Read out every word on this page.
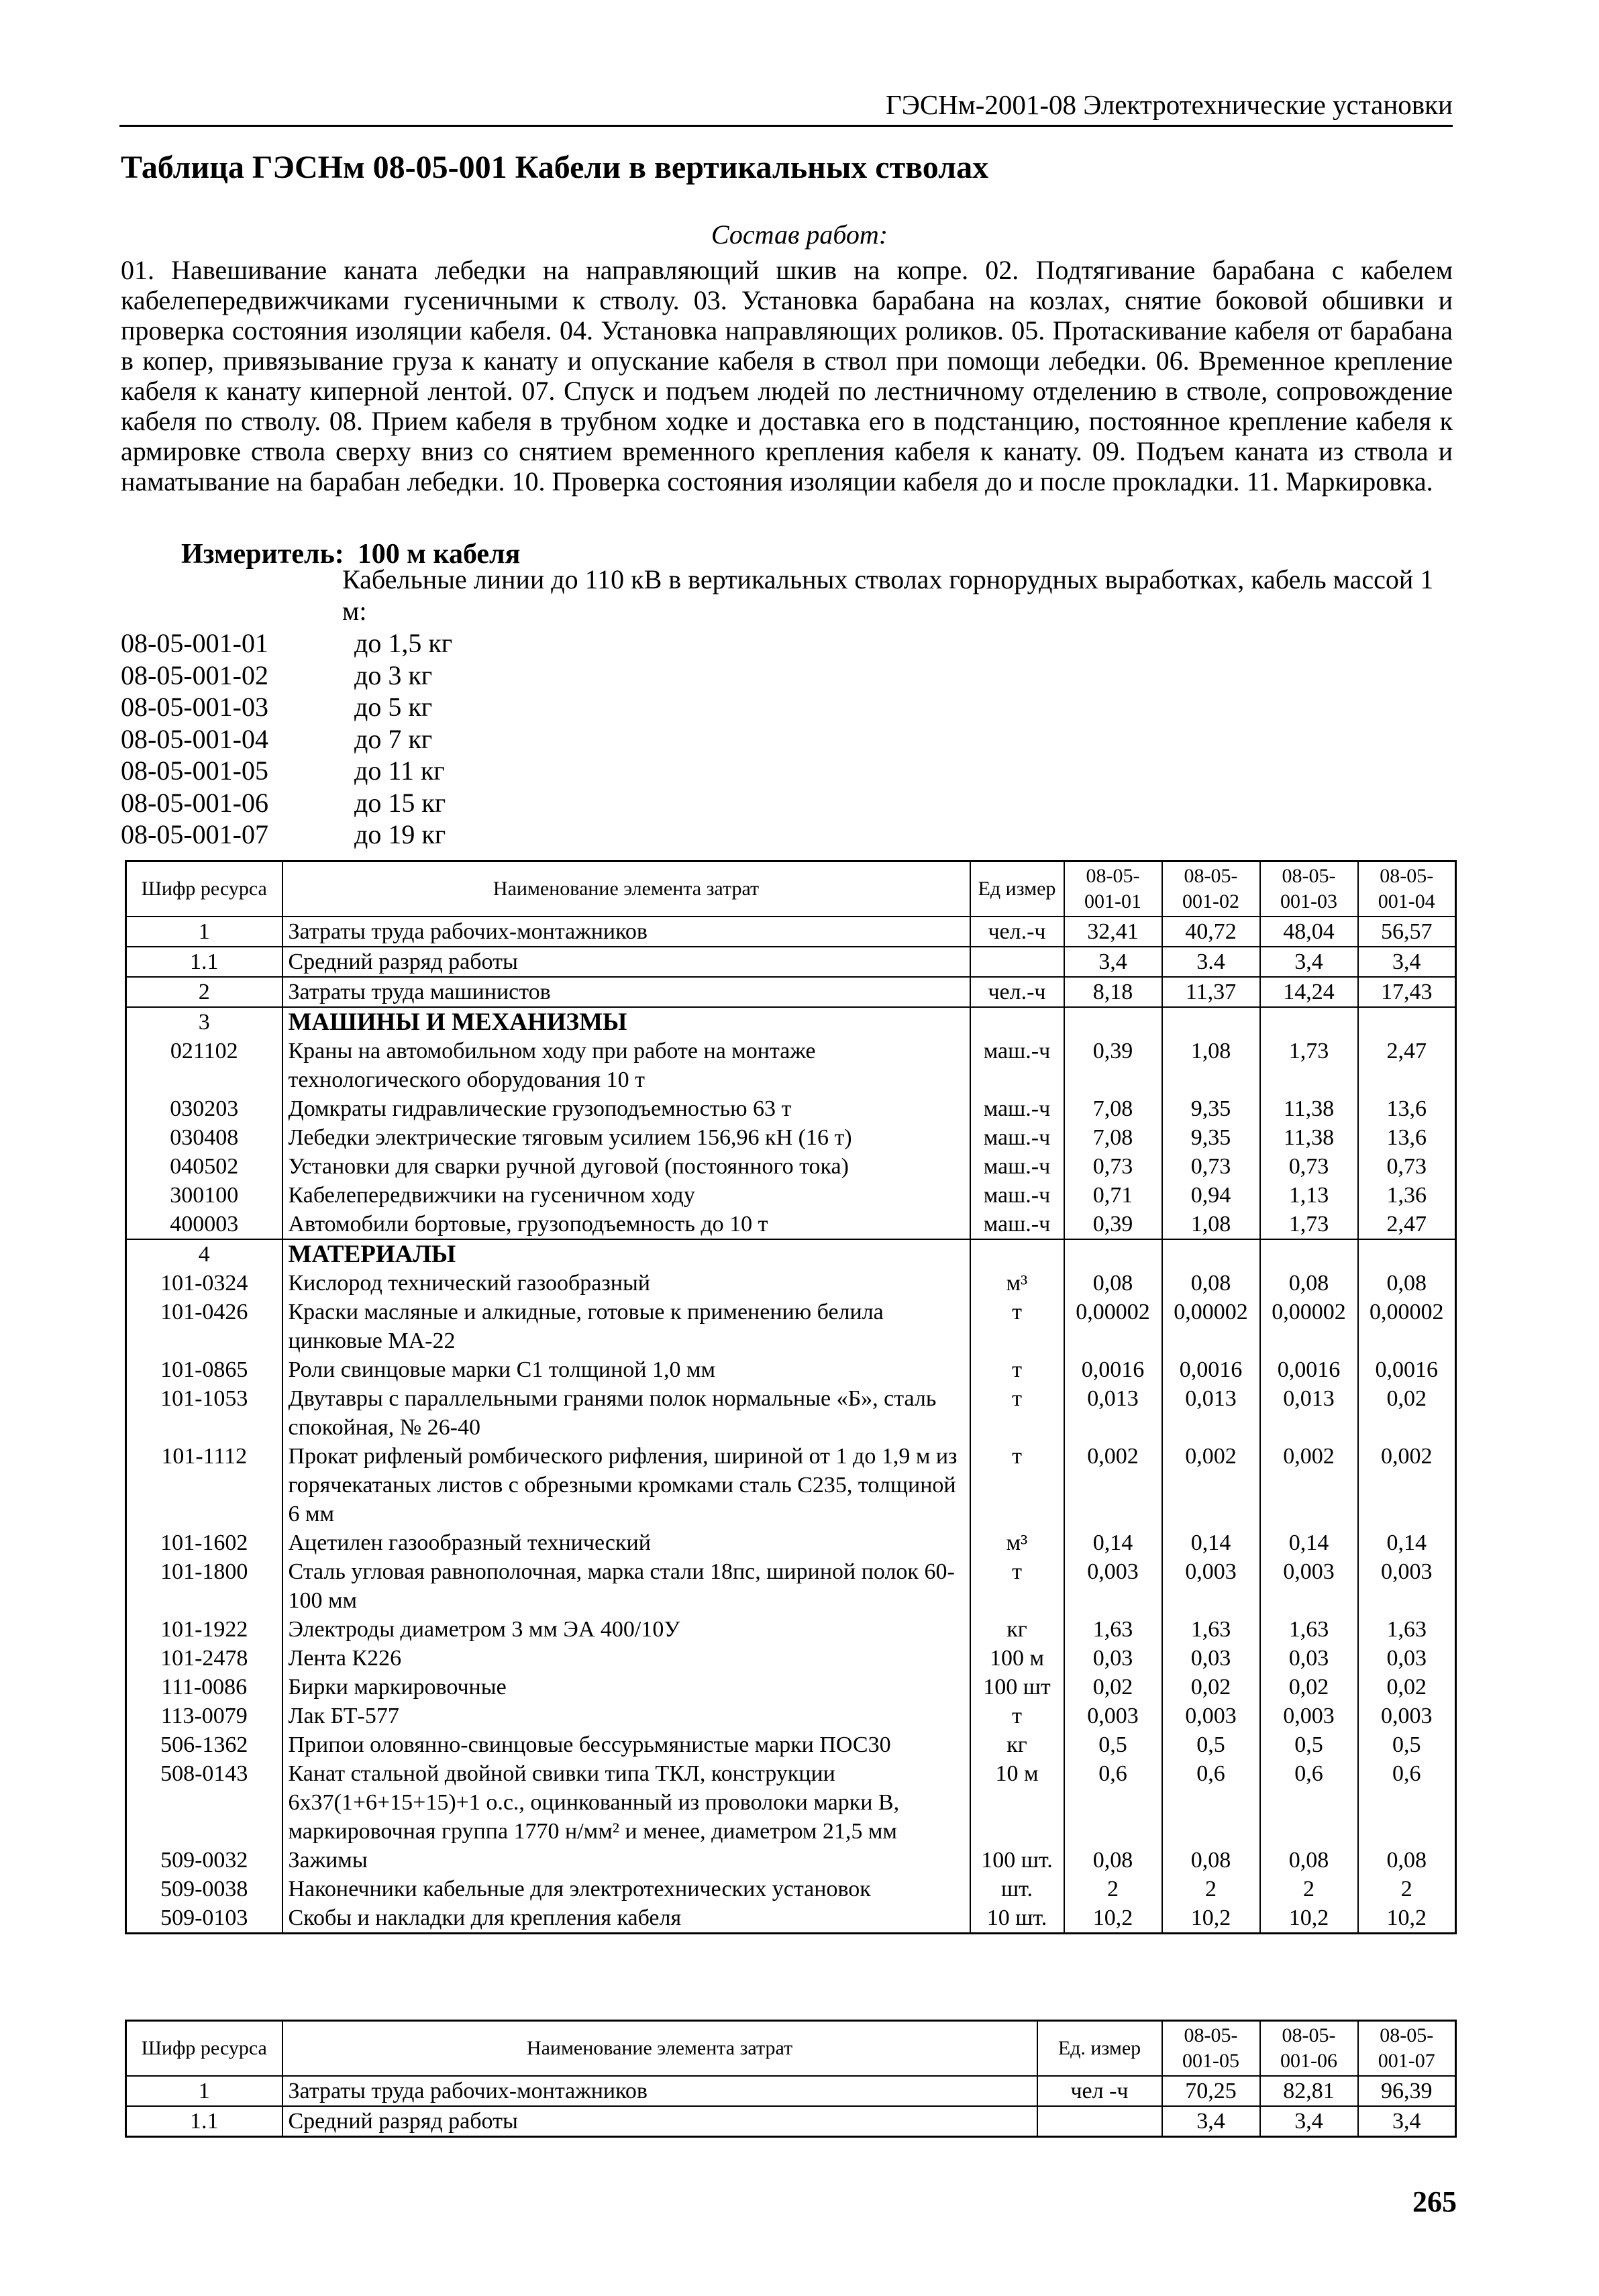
ГЭСНм-2001-08 Электротехнические установки
Таблица ГЭСНм 08-05-001 Кабели в вертикальных стволах
Состав работ:
01. Навешивание каната лебедки на направляющий шкив на копре. 02. Подтягивание барабана с кабелем кабелепередвижчиками гусеничными к стволу. 03. Установка барабана на козлах, снятие боковой обшивки и проверка состояния изоляции кабеля. 04. Установка направляющих роликов. 05. Протаскивание кабеля от барабана в копер, привязывание груза к канату и опускание кабеля в ствол при помощи лебедки. 06. Временное крепление кабеля к канату киперной лентой. 07. Спуск и подъем людей по лестничному отделению в стволе, сопровождение кабеля по стволу. 08. Прием кабеля в трубном ходке и доставка его в подстанцию, постоянное крепление кабеля к армировке ствола сверху вниз со снятием временного крепления кабеля к канату. 09. Подъем каната из ствола и наматывание на барабан лебедки. 10. Проверка состояния изоляции кабеля до и после прокладки. 11. Маркировка.
Измеритель: 100 м кабеля
Кабельные линии до 110 кВ в вертикальных стволах горнорудных выработках, кабель массой 1 м:
08-05-001-01	до 1,5 кг
08-05-001-02	до 3 кг
08-05-001-03	до 5 кг
08-05-001-04	до 7 кг
08-05-001-05	до 11 кг
08-05-001-06	до 15 кг
08-05-001-07	до 19 кг
Шифр ресурса	Наименование элемента затрат	Ед измер	08-05-001-01	08-05-001-02	08-05-001-03	08-05-001-04
1	Затраты труда рабочих-монтажников	чел.-ч	32,41	40,72	48,04	56,57
1.1	Средний разряд работы		3,4	3.4	3,4	3,4
2	Затраты труда машинистов	чел.-ч	8,18	11,37	14,24	17,43
3	МАШИНЫ И МЕХАНИЗМЫ					
021102	Краны на автомобильном ходу при работе на монтаже технологического оборудования 10 т	маш.-ч	0,39	1,08	1,73	2,47
030203	Домкраты гидравлические грузоподъемностью 63 т	маш.-ч	7,08	9,35	11,38	13,6
030408	Лебедки электрические тяговым усилием 156,96 кН (16 т)	маш.-ч	7,08	9,35	11,38	13,6
040502	Установки для сварки ручной дуговой (постоянного тока)	маш.-ч	0,73	0,73	0,73	0,73
300100	Кабелепередвижчики на гусеничном ходу	маш.-ч	0,71	0,94	1,13	1,36
400003	Автомобили бортовые, грузоподъемность до 10 т	маш.-ч	0,39	1,08	1,73	2,47
4	МАТЕРИАЛЫ					
101-0324	Кислород технический газообразный	м³	0,08	0,08	0,08	0,08
101-0426	Краски масляные и алкидные, готовые к применению белила цинковые МА-22	т	0,00002	0,00002	0,00002	0,00002
101-0865	Роли свинцовые марки С1 толщиной 1,0 мм	т	0,0016	0,0016	0,0016	0,0016
101-1053	Двутавры с параллельными гранями полок нормальные «Б», сталь спокойная, № 26-40	т	0,013	0,013	0,013	0,02
101-1112	Прокат рифленый ромбического рифления, шириной от 1 до 1,9 м из горячекатаных листов с обрезными кромками сталь С235, толщиной 6 мм	т	0,002	0,002	0,002	0,002
101-1602	Ацетилен газообразный технический	м³	0,14	0,14	0,14	0,14
101-1800	Сталь угловая равнополочная, марка стали 18пс, шириной полок 60-100 мм	т	0,003	0,003	0,003	0,003
101-1922	Электроды диаметром 3 мм ЭА 400/10У	кг	1,63	1,63	1,63	1,63
101-2478	Лента К226	100 м	0,03	0,03	0,03	0,03
111-0086	Бирки маркировочные	100 шт	0,02	0,02	0,02	0,02
113-0079	Лак БТ-577	т	0,003	0,003	0,003	0,003
506-1362	Припои оловянно-свинцовые бессурьмянистые марки ПОС30	кг	0,5	0,5	0,5	0,5
508-0143	Канат стальной двойной свивки типа ТКЛ, конструкции 6х37(1+6+15+15)+1 о.с., оцинкованный из проволоки марки В, маркировочная группа 1770 н/мм² и менее, диаметром 21,5 мм	10 м	0,6	0,6	0,6	0,6
509-0032	Зажимы	100 шт.	0,08	0,08	0,08	0,08
509-0038	Наконечники кабельные для электротехнических установок	шт.	2	2	2	2
509-0103	Скобы и накладки для крепления кабеля	10 шт.	10,2	10,2	10,2	10,2
Шифр ресурса	Наименование элемента затрат	Ед. измер	08-05-001-05	08-05-001-06	08-05-001-07
1	Затраты труда рабочих-монтажников	чел -ч	70,25	82,81	96,39
1.1	Средний разряд работы		3,4	3,4	3,4
265
